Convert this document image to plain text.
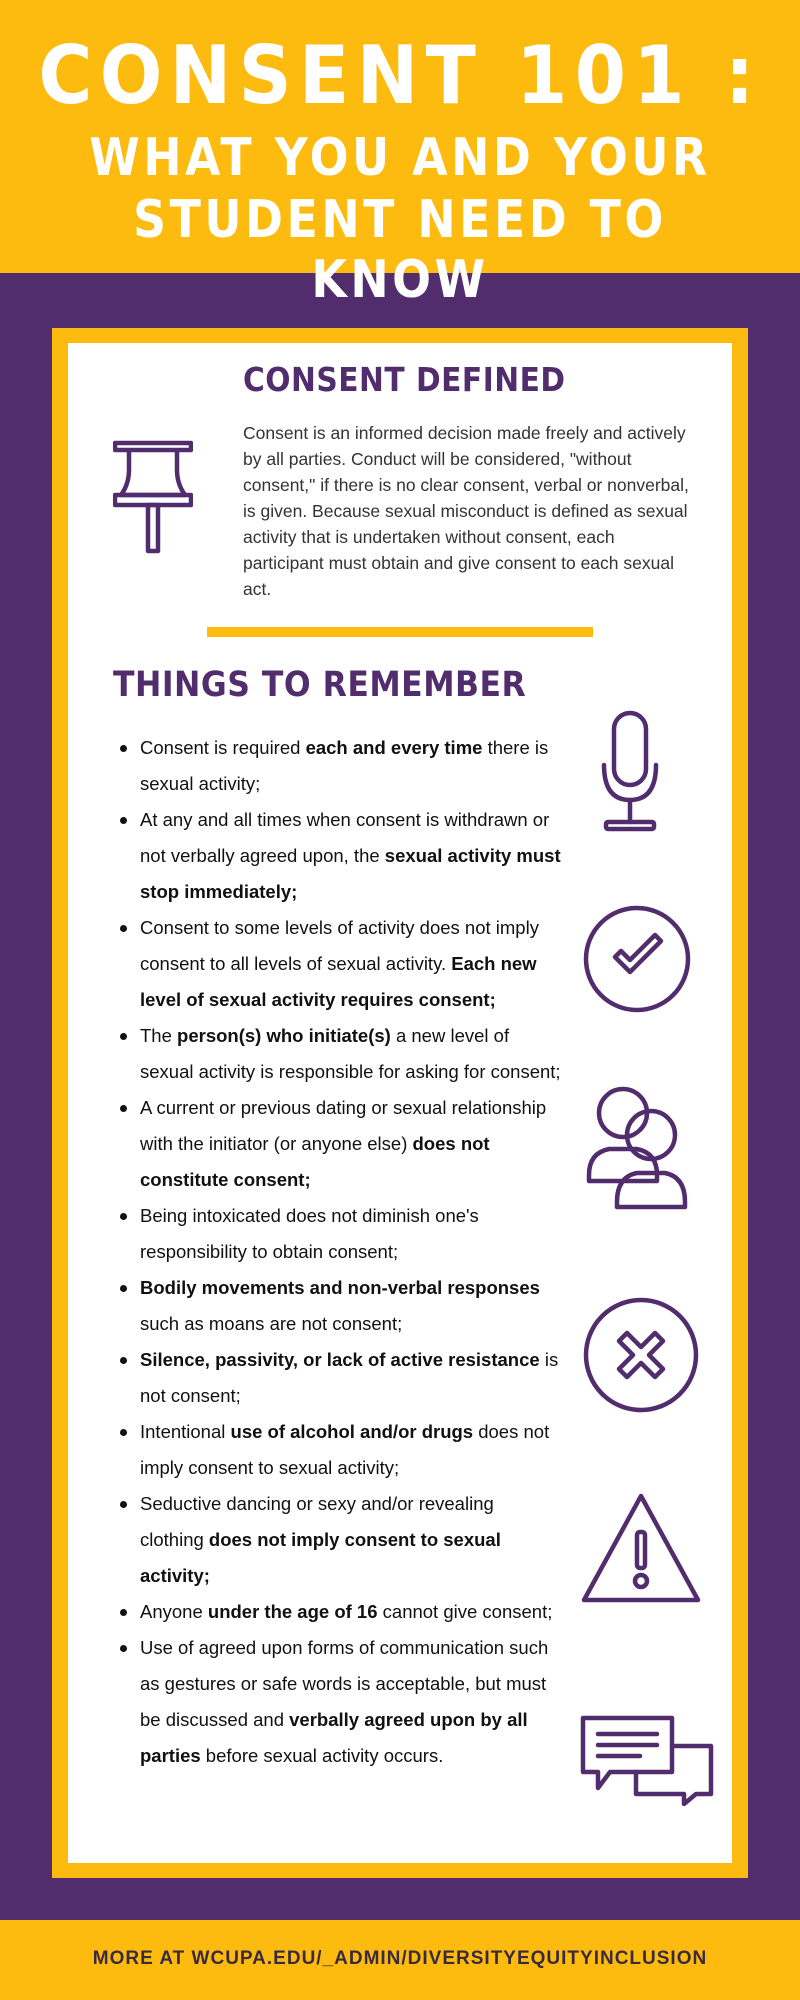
CONSENT 101 :
WHAT YOU AND YOUR
STUDENT NEED TO KNOW
CONSENT DEFINED
Consent is an informed decision made freely and actively by all parties. Conduct will be considered, "without consent," if there is no clear consent, verbal or nonverbal, is given. Because sexual misconduct is defined as sexual activity that is undertaken without consent, each participant must obtain and give consent to each sexual act.
THINGS TO REMEMBER
Consent is required each and every time there is sexual activity;
At any and all times when consent is withdrawn or not verbally agreed upon, the sexual activity must stop immediately;
Consent to some levels of activity does not imply consent to all levels of sexual activity. Each new level of sexual activity requires consent;
The person(s) who initiate(s) a new level of sexual activity is responsible for asking for consent;
A current or previous dating or sexual relationship with the initiator (or anyone else) does not constitute consent;
Being intoxicated does not diminish one's responsibility to obtain consent;
Bodily movements and non-verbal responses such as moans are not consent;
Silence, passivity, or lack of active resistance is not consent;
Intentional use of alcohol and/or drugs does not imply consent to sexual activity;
Seductive dancing or sexy and/or revealing clothing does not imply consent to sexual activity;
Anyone under the age of 16 cannot give consent;
Use of agreed upon forms of communication such as gestures or safe words is acceptable, but must be discussed and verbally agreed upon by all parties before sexual activity occurs.
MORE AT WCUPA.EDU/_ADMIN/DIVERSITYEQUITYINCLUSION
